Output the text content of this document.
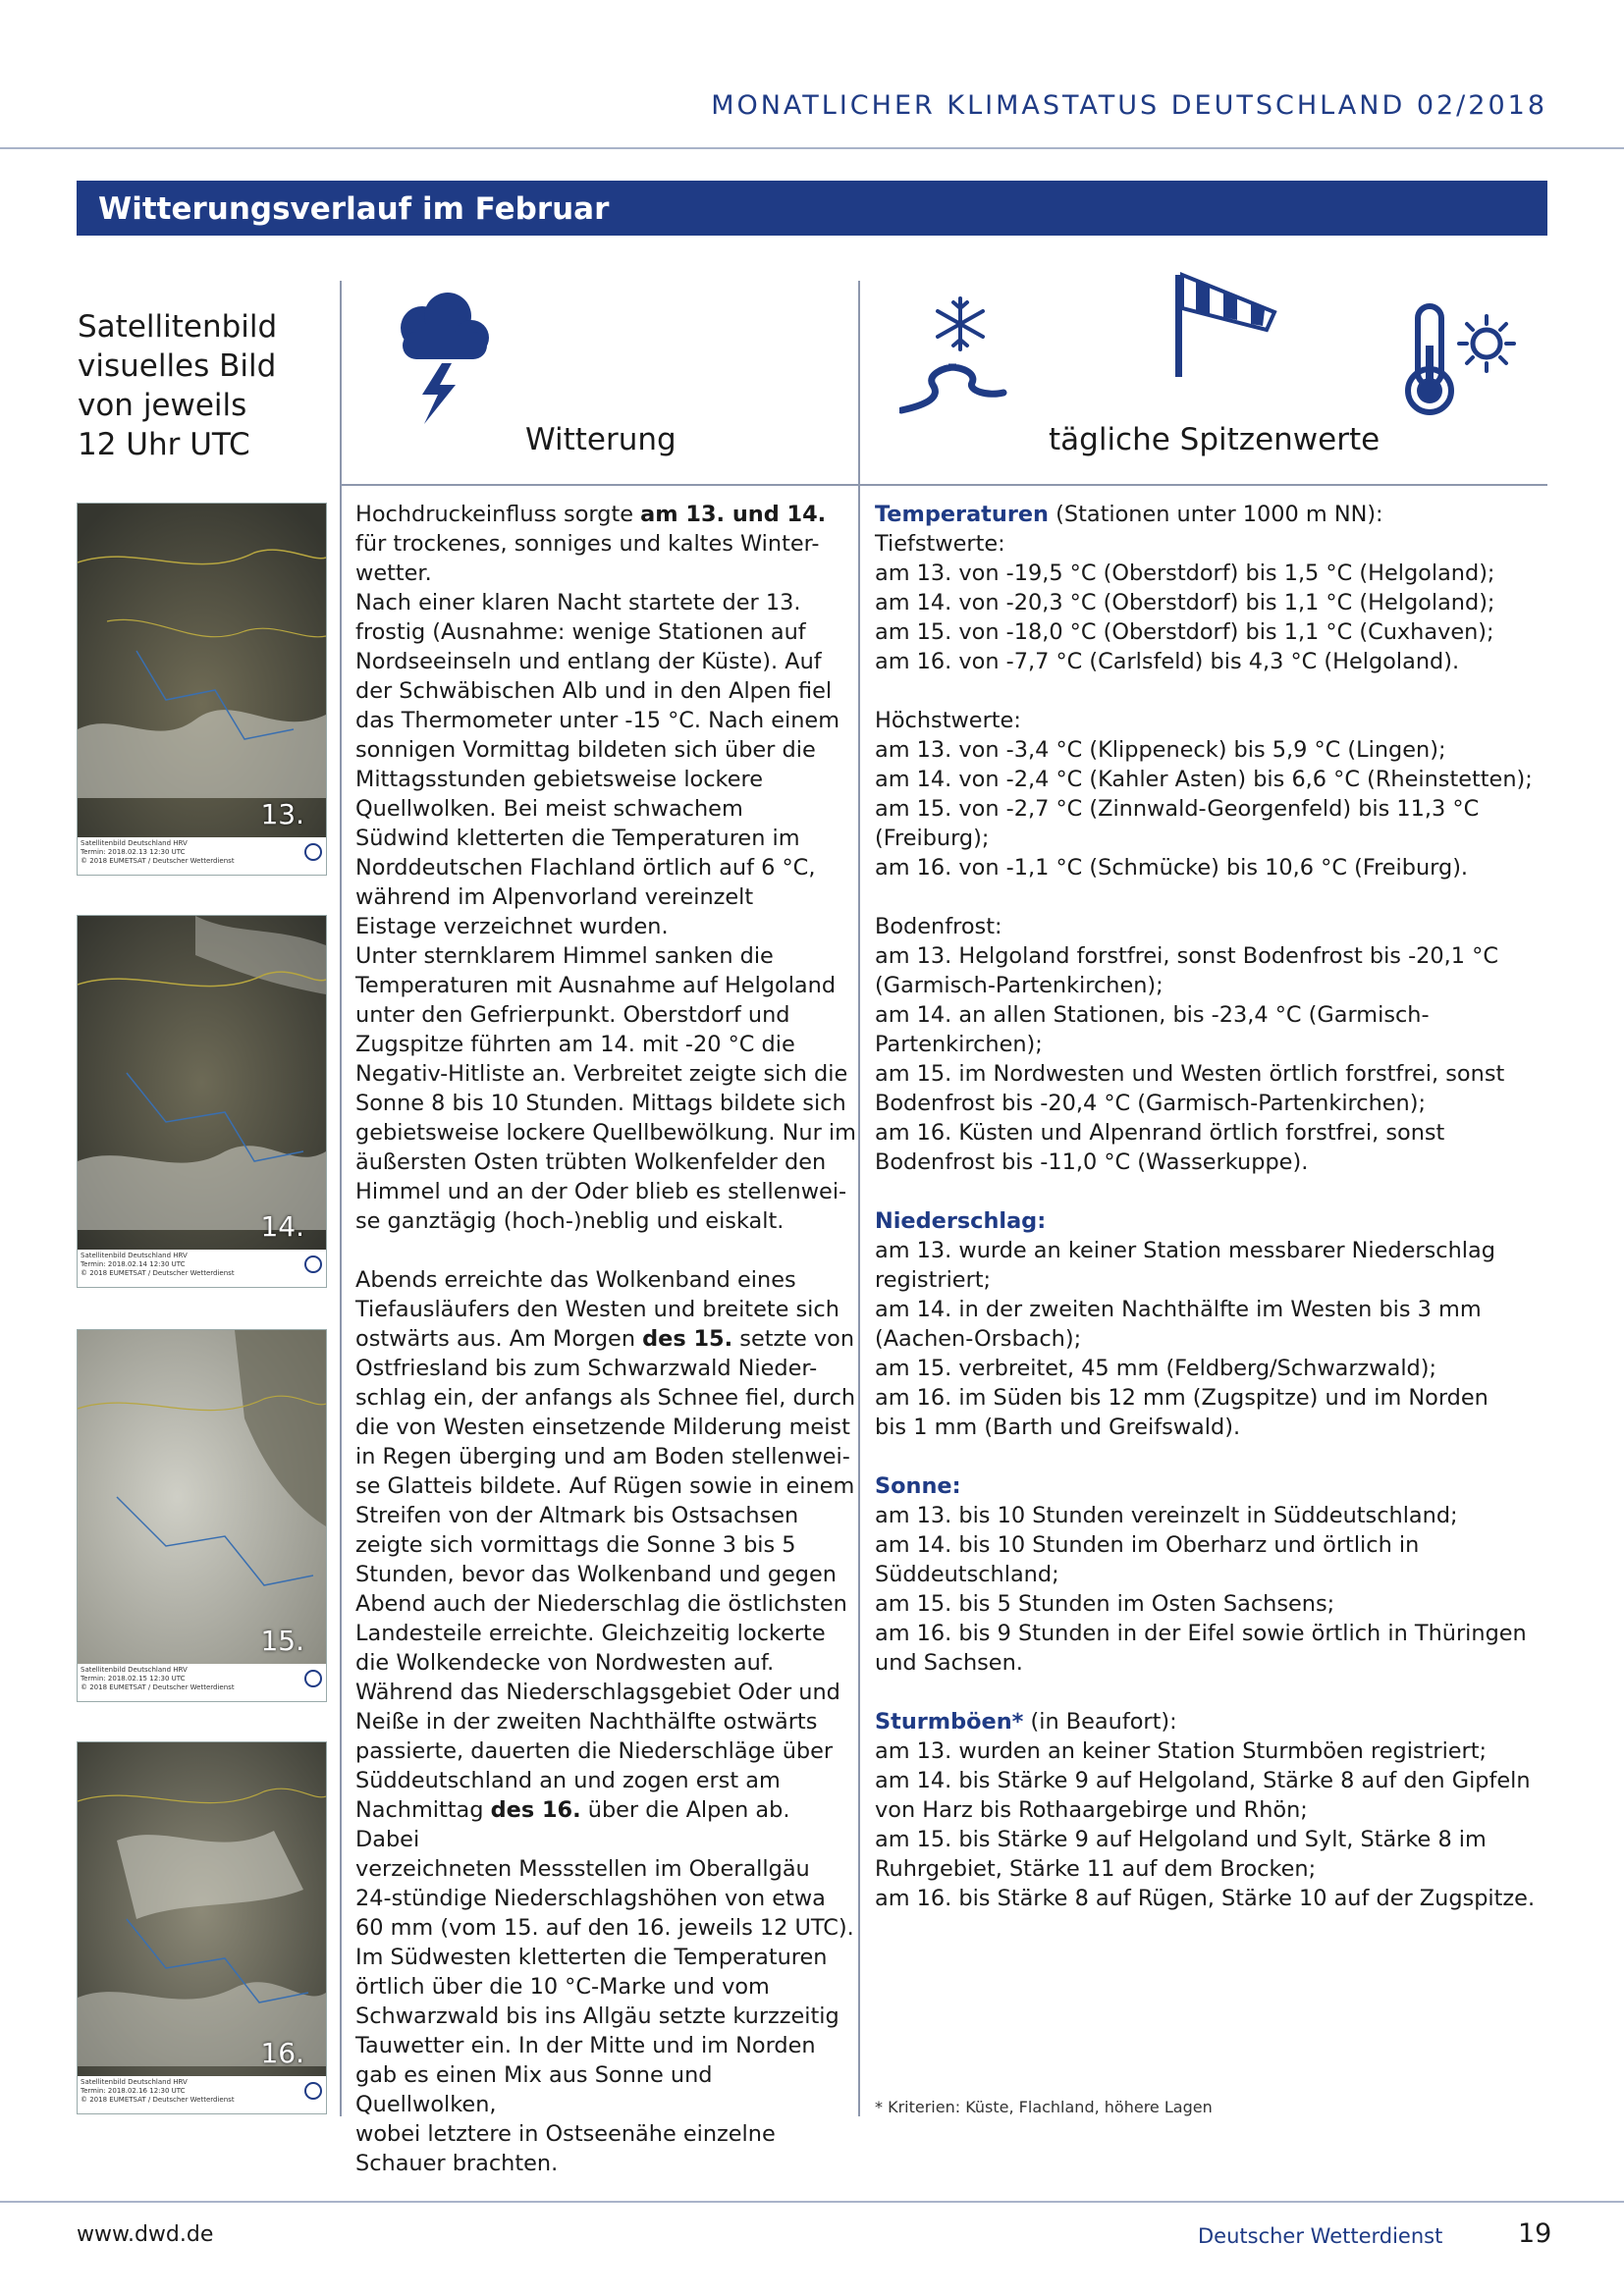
MONATLICHER KLIMASTATUS DEUTSCHLAND 02/2018
Witterungsverlauf im Februar
Satellitenbild
visuelles Bild
von jeweils
12 Uhr UTC	Witterung	tägliche Spitzenwerte
13.
Satellitenbild Deutschland HRV
Termin: 2018.02.13 12:30 UTC
© 2018 EUMETSAT / Deutscher Wetterdienst
14.
Satellitenbild Deutschland HRV
Termin: 2018.02.14 12:30 UTC
© 2018 EUMETSAT / Deutscher Wetterdienst
15.
Satellitenbild Deutschland HRV
Termin: 2018.02.15 12:30 UTC
© 2018 EUMETSAT / Deutscher Wetterdienst
16.
Satellitenbild Deutschland HRV
Termin: 2018.02.16 12:30 UTC
© 2018 EUMETSAT / Deutscher Wetterdienst

Hochdruckeinfluss sorgte am 13. und 14.
für trockenes, sonniges und kaltes Winter-
wetter.
Nach einer klaren Nacht startete der 13.
frostig (Ausnahme: wenige Stationen auf
Nordseeinseln und entlang der Küste). Auf
der Schwäbischen Alb und in den Alpen fiel
das Thermometer unter -15 °C. Nach einem
sonnigen Vormittag bildeten sich über die
Mittagsstunden gebietsweise lockere
Quellwolken. Bei meist schwachem
Südwind kletterten die Temperaturen im
Norddeutschen Flachland örtlich auf 6 °C,
während im Alpenvorland vereinzelt
Eistage verzeichnet wurden.
Unter sternklarem Himmel sanken die
Temperaturen mit Ausnahme auf Helgoland
unter den Gefrierpunkt. Oberstdorf und
Zugspitze führten am 14. mit -20 °C die
Negativ-Hitliste an. Verbreitet zeigte sich die
Sonne 8 bis 10 Stunden. Mittags bildete sich
gebietsweise lockere Quellbewölkung. Nur im
äußersten Osten trübten Wolkenfelder den
Himmel und an der Oder blieb es stellenwei-
se ganztägig (hoch-)neblig und eiskalt.

Abends erreichte das Wolkenband eines
Tiefausläufers den Westen und breitete sich
ostwärts aus. Am Morgen des 15. setzte von
Ostfriesland bis zum Schwarzwald Nieder-
schlag ein, der anfangs als Schnee fiel, durch
die von Westen einsetzende Milderung meist
in Regen überging und am Boden stellenwei-
se Glatteis bildete. Auf Rügen sowie in einem
Streifen von der Altmark bis Ostsachsen
zeigte sich vormittags die Sonne 3 bis 5
Stunden, bevor das Wolkenband und gegen
Abend auch der Niederschlag die östlichsten
Landesteile erreichte. Gleichzeitig lockerte
die Wolkendecke von Nordwesten auf.
Während das Niederschlagsgebiet Oder und
Neiße in der zweiten Nachthälfte ostwärts
passierte, dauerten die Niederschläge über
Süddeutschland an und zogen erst am
Nachmittag des 16. über die Alpen ab. Dabei
verzeichneten Messstellen im Oberallgäu
24-stündige Niederschlagshöhen von etwa
60 mm (vom 15. auf den 16. jeweils 12 UTC).
Im Südwesten kletterten die Temperaturen
örtlich über die 10 °C-Marke und vom
Schwarzwald bis ins Allgäu setzte kurzzeitig
Tauwetter ein. In der Mitte und im Norden
gab es einen Mix aus Sonne und Quellwolken,
wobei letztere in Ostseenähe einzelne
Schauer brachten.

Temperaturen (Stationen unter 1000 m NN):
Tiefstwerte:
am 13. von -19,5 °C (Oberstdorf) bis 1,5 °C (Helgoland);
am 14. von -20,3 °C (Oberstdorf) bis 1,1 °C (Helgoland);
am 15. von -18,0 °C (Oberstdorf) bis 1,1 °C (Cuxhaven);
am 16. von -7,7 °C (Carlsfeld) bis 4,3 °C (Helgoland).

Höchstwerte:
am 13. von -3,4 °C (Klippeneck) bis 5,9 °C (Lingen);
am 14. von -2,4 °C (Kahler Asten) bis 6,6 °C (Rheinstetten);
am 15. von -2,7 °C (Zinnwald-Georgenfeld) bis 11,3 °C
(Freiburg);
am 16. von -1,1 °C (Schmücke) bis 10,6 °C (Freiburg).

Bodenfrost:
am 13. Helgoland forstfrei, sonst Bodenfrost bis -20,1 °C
(Garmisch-Partenkirchen);
am 14. an allen Stationen, bis -23,4 °C (Garmisch-
Partenkirchen);
am 15. im Nordwesten und Westen örtlich forstfrei, sonst
Bodenfrost bis -20,4 °C (Garmisch-Partenkirchen);
am 16. Küsten und Alpenrand örtlich forstfrei, sonst
Bodenfrost bis -11,0 °C (Wasserkuppe).

Niederschlag:
am 13. wurde an keiner Station messbarer Niederschlag
registriert;
am 14. in der zweiten Nachthälfte im Westen bis 3 mm
(Aachen-Orsbach);
am 15. verbreitet, 45 mm (Feldberg/Schwarzwald);
am 16. im Süden bis 12 mm (Zugspitze) und im Norden
bis 1 mm (Barth und Greifswald).

Sonne:
am 13. bis 10 Stunden vereinzelt in Süddeutschland;
am 14. bis 10 Stunden im Oberharz und örtlich in
Süddeutschland;
am 15. bis 5 Stunden im Osten Sachsens;
am 16. bis 9 Stunden in der Eifel sowie örtlich in Thüringen
und Sachsen.

Sturmböen* (in Beaufort):
am 13. wurden an keiner Station Sturmböen registriert;
am 14. bis Stärke 9 auf Helgoland, Stärke 8 auf den Gipfeln
von Harz bis Rothaargebirge und Rhön;
am 15. bis Stärke 9 auf Helgoland und Sylt, Stärke 8 im
Ruhrgebiet, Stärke 11 auf dem Brocken;
am 16. bis Stärke 8 auf Rügen, Stärke 10 auf der Zugspitze.

* Kriterien: Küste, Flachland, höhere Lagen
www.dwd.de	Deutscher Wetterdienst	19
